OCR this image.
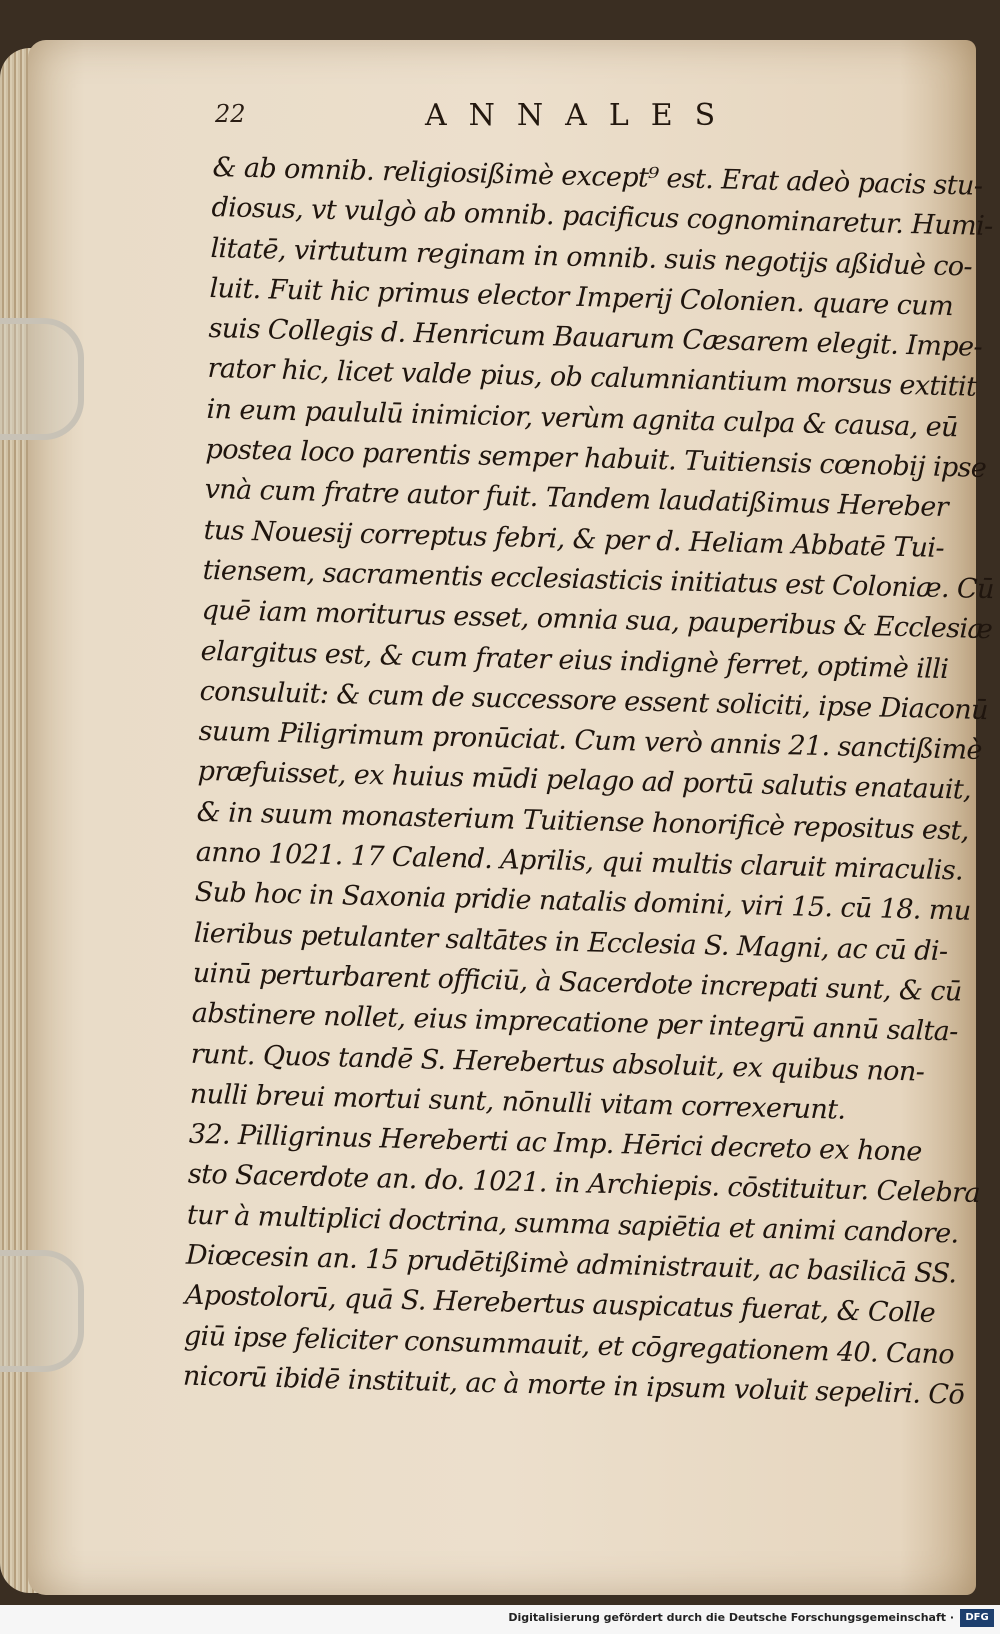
22	ANNALES
& ab omnib. religiosißimè except⁹ est. Erat adeò pacis stu-
diosus, vt vulgò ab omnib. pacificus cognominaretur. Humi-
litatē, virtutum reginam in omnib. suis negotijs aßiduè co-
luit. Fuit hic primus elector Imperij Colonien. quare cum
suis Collegis d. Henricum Bauarum Cæsarem elegit. Impe-
rator hic, licet valde pius, ob calumniantium morsus extitit
in eum paululū inimicior, verùm agnita culpa & causa, eū
postea loco parentis semper habuit. Tuitiensis cœnobij ipse
vnà cum fratre autor fuit. Tandem laudatißimus Hereber
tus Nouesij correptus febri, & per d. Heliam Abbatē Tui-
tiensem, sacramentis ecclesiasticis initiatus est Coloniæ. Cū
quē iam moriturus esset, omnia sua, pauperibus & Ecclesiæ
elargitus est, & cum frater eius indignè ferret, optimè illi
consuluit: & cum de successore essent soliciti, ipse Diaconū
suum Piligrimum pronūciat. Cum verò annis 21. sanctißimè
præfuisset, ex huius mūdi pelago ad portū salutis enatauit,
& in suum monasterium Tuitiense honorificè repositus est,
anno 1021. 17 Calend. Aprilis, qui multis claruit miraculis.
Sub hoc in Saxonia pridie natalis domini, viri 15. cū 18. mu
lieribus petulanter saltātes in Ecclesia S. Magni, ac cū di-
uinū perturbarent officiū, à Sacerdote increpati sunt, & cū
abstinere nollet, eius imprecatione per integrū annū salta-
runt. Quos tandē S. Herebertus absoluit, ex quibus non-
nulli breui mortui sunt, nōnulli vitam correxerunt.
32. Pilligrinus Hereberti ac Imp. Hērici decreto ex hone
sto Sacerdote an. do. 1021. in Archiepis. cōstituitur. Celebra
tur à multiplici doctrina, summa sapiētia et animi candore.
Diœcesin an. 15 prudētißimè administrauit, ac basilicā SS.
Apostolorū, quā S. Herebertus auspicatus fuerat, & Colle
giū ipse feliciter consummauit, et cōgregationem 40. Cano
nicorū ibidē instituit, ac à morte in ipsum voluit sepeliri. Cō
Digitalisierung gefördert durch die Deutsche Forschungsgemeinschaft ·	DFG
